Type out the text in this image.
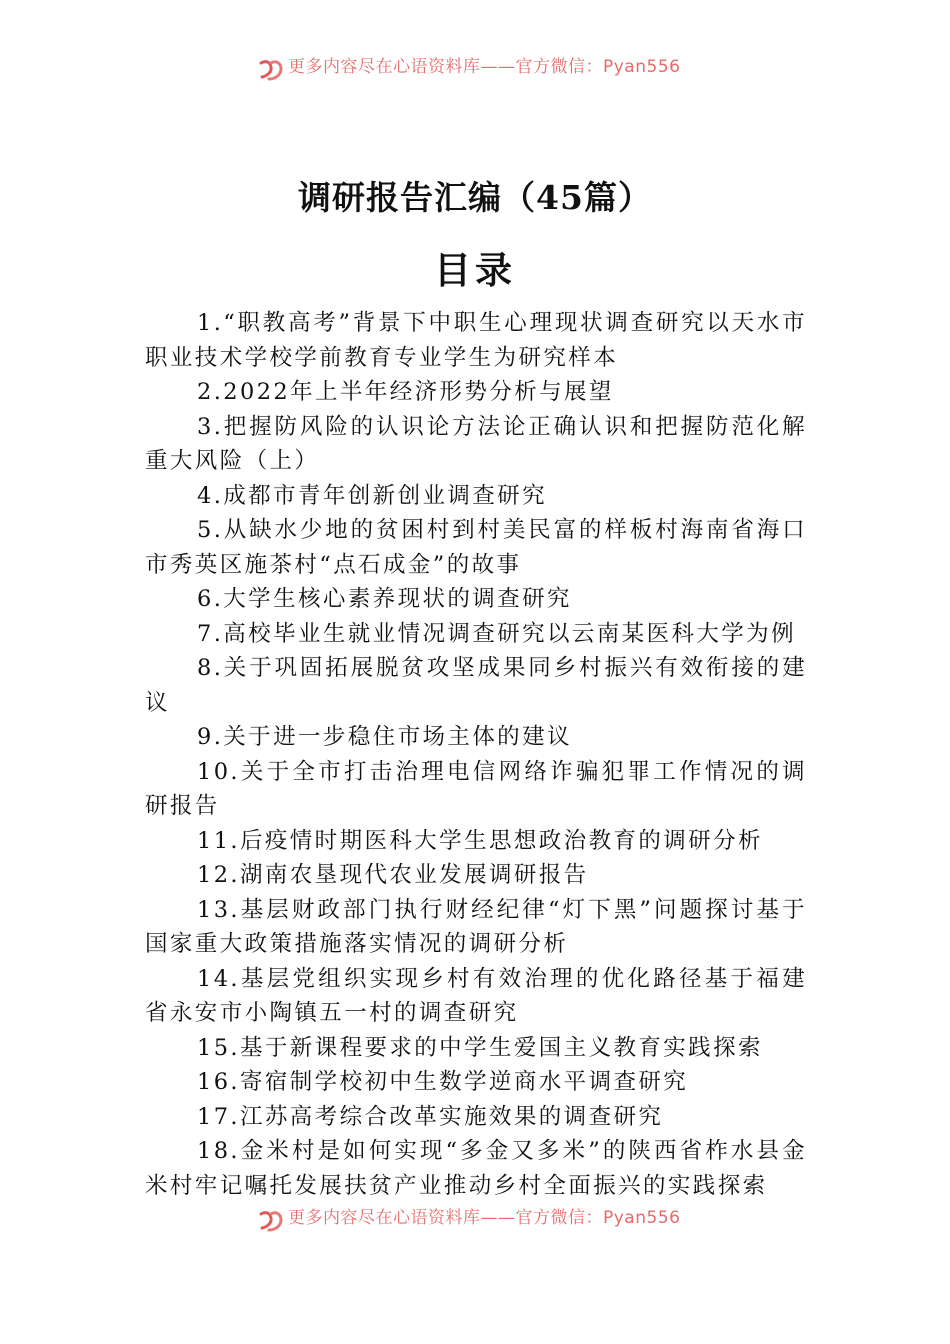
更多内容尽在心语资料库——官方微信：Pyan556
调研报告汇编（45篇）
目录
1.“职教高考”背景下中职生心理现状调查研究以天水市职业技术学校学前教育专业学生为研究样本
2.2022年上半年经济形势分析与展望
3.把握防风险的认识论方法论正确认识和把握防范化解重大风险（上）
4.成都市青年创新创业调查研究
5.从缺水少地的贫困村到村美民富的样板村海南省海口市秀英区施茶村“点石成金”的故事
6.大学生核心素养现状的调查研究
7.高校毕业生就业情况调查研究以云南某医科大学为例
8.关于巩固拓展脱贫攻坚成果同乡村振兴有效衔接的建议
9.关于进一步稳住市场主体的建议
10.关于全市打击治理电信网络诈骗犯罪工作情况的调研报告
11.后疫情时期医科大学生思想政治教育的调研分析
12.湖南农垦现代农业发展调研报告
13.基层财政部门执行财经纪律“灯下黑”问题探讨基于国家重大政策措施落实情况的调研分析
14.基层党组织实现乡村有效治理的优化路径基于福建省永安市小陶镇五一村的调查研究
15.基于新课程要求的中学生爱国主义教育实践探索
16.寄宿制学校初中生数学逆商水平调查研究
17.江苏高考综合改革实施效果的调查研究
18.金米村是如何实现“多金又多米”的陕西省柞水县金米村牢记嘱托发展扶贫产业推动乡村全面振兴的实践探索
更多内容尽在心语资料库——官方微信：Pyan556
